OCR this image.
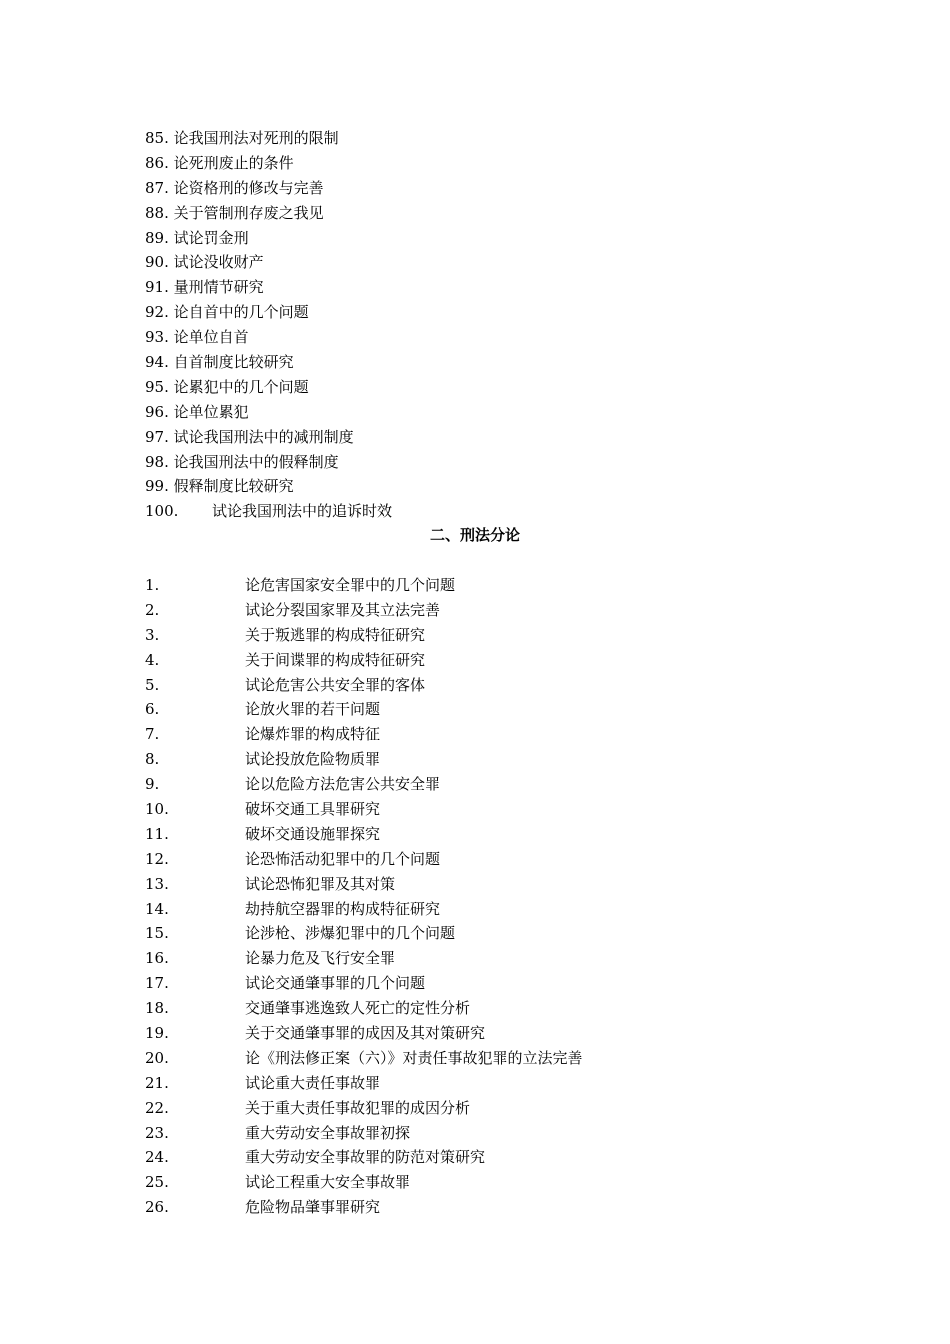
85. 论我国刑法对死刑的限制
86. 论死刑废止的条件
87. 论资格刑的修改与完善
88. 关于管制刑存废之我见
89. 试论罚金刑
90. 试论没收财产
91. 量刑情节研究
92. 论自首中的几个问题
93. 论单位自首
94. 自首制度比较研究
95. 论累犯中的几个问题
96. 论单位累犯
97. 试论我国刑法中的减刑制度
98. 论我国刑法中的假释制度
99. 假释制度比较研究
100. 试论我国刑法中的追诉时效
二、刑法分论
1.	论危害国家安全罪中的几个问题
2.	试论分裂国家罪及其立法完善
3.	关于叛逃罪的构成特征研究
4.	关于间谍罪的构成特征研究
5.	试论危害公共安全罪的客体
6.	论放火罪的若干问题
7.	论爆炸罪的构成特征
8.	试论投放危险物质罪
9.	论以危险方法危害公共安全罪
10.	破坏交通工具罪研究
11.	破坏交通设施罪探究
12.	论恐怖活动犯罪中的几个问题
13.	试论恐怖犯罪及其对策
14.	劫持航空器罪的构成特征研究
15.	论涉枪、涉爆犯罪中的几个问题
16.	论暴力危及飞行安全罪
17.	试论交通肇事罪的几个问题
18.	交通肇事逃逸致人死亡的定性分析
19.	关于交通肇事罪的成因及其对策研究
20.	论《刑法修正案（六）》对责任事故犯罪的立法完善
21.	试论重大责任事故罪
22.	关于重大责任事故犯罪的成因分析
23.	重大劳动安全事故罪初探
24.	重大劳动安全事故罪的防范对策研究
25.	试论工程重大安全事故罪
26.	危险物品肇事罪研究
